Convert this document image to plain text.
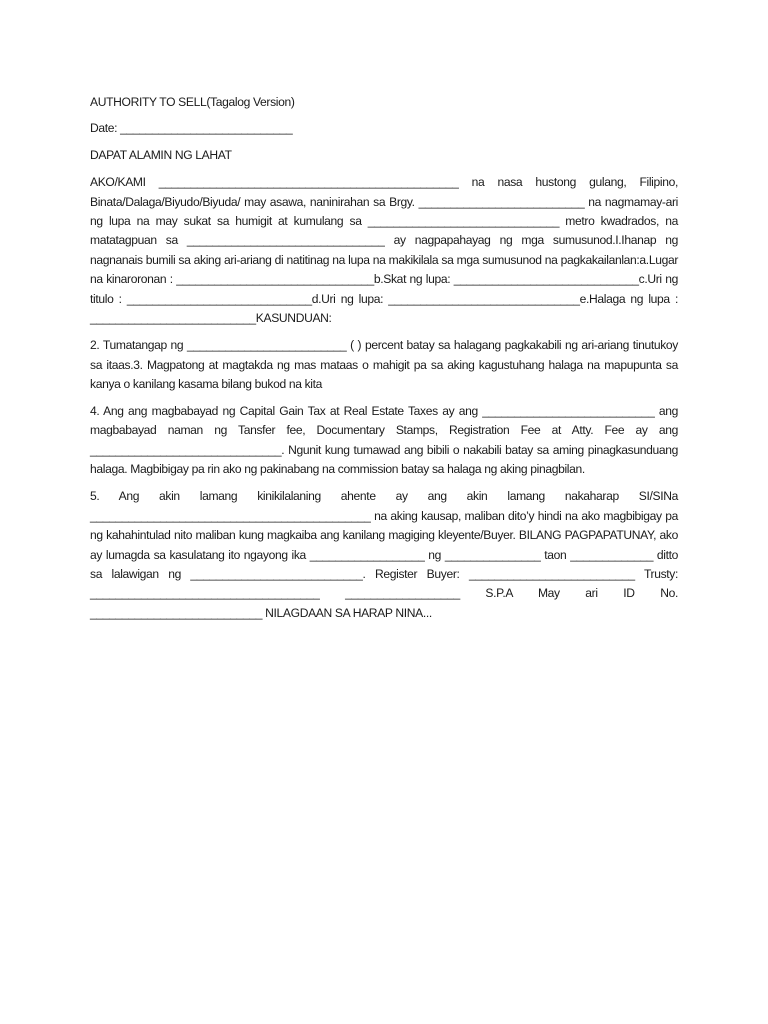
AUTHORITY TO SELL(Tagalog Version)
Date: ___________________________
DAPAT ALAMIN NG LAHAT

AKO/KAMI _______________________________________________ na nasa hustong gulang, Filipino, Binata/Dalaga/Biyudo/Biyuda/ may asawa, naninirahan sa Brgy. __________________________ na nagmamay-ari ng lupa na may sukat sa humigit at kumulang sa ______________________________ metro kwadrados, na matatagpuan sa _______________________________ ay nagpapahayag ng mga sumusunod.I.Ihanap ng nagnanais bumili sa aking ari-ariang di natitinag na lupa na makikilala sa mga sumusunod na pagkakailanlan:a.Lugar na kinaroronan : _______________________________b.Skat ng lupa: _____________________________c.Uri ng titulo : _____________________________d.Uri ng lupa: ______________________________e.Halaga ng lupa : __________________________KASUNDUAN:

2. Tumatangap ng _________________________ ( ) percent batay sa halagang pagkakabili ng ari-ariang tinutukoy sa itaas.3. Magpatong at magtakda ng mas mataas o mahigit pa sa aking kagustuhang halaga na mapupunta sa kanya o kanilang kasama bilang bukod na kita

4. Ang ang magbabayad ng Capital Gain Tax at Real Estate Taxes ay ang ___________________________ ang magbabayad naman ng Tansfer fee, Documentary Stamps, Registration Fee at Atty. Fee ay ang ______________________________. Ngunit kung tumawad ang bibili o nakabili batay sa aming pinagkasunduang halaga. Magbibigay pa rin ako ng pakinabang na commission batay sa halaga ng aking pinagbilan.

5. Ang akin lamang kinikilalaning ahente ay ang akin lamang nakaharap SI/SINa ____________________________________________ na aking kausap, maliban dito’y hindi na ako magbibigay pa ng kahahintulad nito maliban kung magkaiba ang kanilang magiging kleyente/Buyer. BILANG PAGPAPATUNAY, ako ay lumagda sa kasulatang ito ngayong ika __________________ ng _______________ taon _____________ ditto sa lalawigan ng ___________________________. Register Buyer: __________________________ Trusty: ____________________________________ __________________ S.P.A May ari ID No. ___________________________ NILAGDAAN SA HARAP NINA...
